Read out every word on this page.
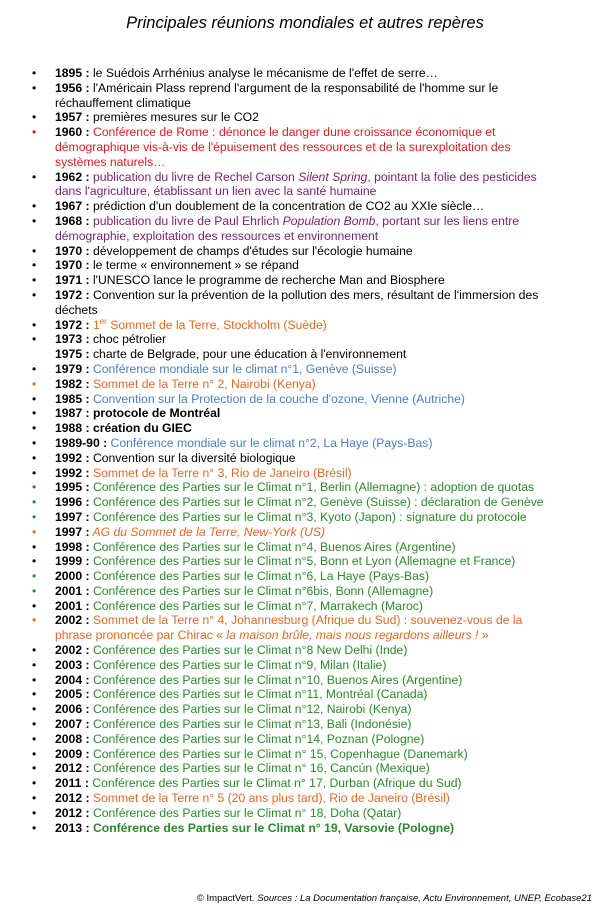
Principales réunions mondiales et autres repères
• 1895 : le Suédois Arrhénius analyse le mécanisme de l'effet de serre…
• 1956 : l'Américain Plass reprend l'argument de la responsabilité de l'homme sur le réchauffement climatique
• 1957 : premières mesures sur le CO2
• 1960 : Conférence de Rome : dénonce le danger dune croissance économique et démographique vis-à-vis de l'épuisement des ressources et de la surexploitation des systèmes naturels…
• 1962 : publication du livre de Rechel Carson Silent Spring, pointant la folie des pesticides dans l'agriculture, établissant un lien avec la santé humaine
• 1967 : prédiction d'un doublement de la concentration de CO2 au XXIe siècle…
• 1968 : publication du livre de Paul Ehrlich Population Bomb, portant sur les liens entre démographie, exploitation des ressources et environnement
• 1970 : développement de champs d'études sur l'écologie humaine
• 1970 : le terme « environnement » se répand
• 1971 : l'UNESCO lance le programme de recherche Man and Biosphere
• 1972 : Convention sur la prévention de la pollution des mers, résultant de l'immersion des déchets
• 1972 : 1er Sommet de la Terre, Stockholm (Suède)
• 1973 : choc pétrolier
1975 : charte de Belgrade, pour une éducation à l'environnement
• 1979 : Conférence mondiale sur le climat n°1, Genève (Suisse)
• 1982 : Sommet de la Terre n° 2, Nairobi (Kenya)
• 1985 : Convention sur la Protection de la couche d'ozone, Vienne (Autriche)
• 1987 : protocole de Montréal
• 1988 : création du GIEC
• 1989-90 : Conférence mondiale sur le climat n°2, La Haye (Pays-Bas)
• 1992 : Convention sur la diversité biologique
• 1992 : Sommet de la Terre n° 3, Rio de Janeiro (Brésil)
• 1995 : Conférence des Parties sur le Climat n°1, Berlin (Allemagne) : adoption de quotas
• 1996 : Conférence des Parties sur le Climat n°2, Genève (Suisse) : déclaration de Genève
• 1997 : Conférence des Parties sur le Climat n°3, Kyoto (Japon) : signature du protocole
• 1997 : AG du Sommet de la Terre, New-York (US)
• 1998 : Conférence des Parties sur le Climat n°4, Buenos Aires (Argentine)
• 1999 : Conférence des Parties sur le Climat n°5, Bonn et Lyon (Allemagne et France)
• 2000 : Conférence des Parties sur le Climat n°6, La Haye (Pays-Bas)
• 2001 : Conférence des Parties sur le Climat n°6bis, Bonn (Allemagne)
• 2001 : Conférence des Parties sur le Climat n°7, Marrakech (Maroc)
• 2002 : Sommet de la Terre n° 4, Johannesburg (Afrique du Sud) : souvenez-vous de la phrase prononcée par Chirac « la maison brûle, mais nous regardons ailleurs ! »
• 2002 : Conférence des Parties sur le Climat n°8 New Delhi (Inde)
• 2003 : Conférence des Parties sur le Climat n°9, Milan (Italie)
• 2004 : Conférence des Parties sur le Climat n°10, Buenos Aires (Argentine)
• 2005 : Conférence des Parties sur le Climat n°11, Montréal (Canada)
• 2006 : Conférence des Parties sur le Climat n°12, Nairobi (Kenya)
• 2007 : Conférence des Parties sur le Climat n°13, Bali (Indonésie)
• 2008 : Conférence des Parties sur le Climat n°14, Poznan (Pologne)
• 2009 : Conférence des Parties sur le Climat n° 15, Copenhague (Danemark)
• 2012 : Conférence des Parties sur le Climat n° 16, Cancún (Mexique)
• 2011 : Conférence des Parties sur le Climat n° 17, Durban (Afrique du Sud)
• 2012 : Sommet de la Terre n° 5 (20 ans plus tard), Rio de Janeiro (Brésil)
• 2012 : Conférence des Parties sur le Climat n° 18, Doha (Qatar)
• 2013 : Conférence des Parties sur le Climat n° 19, Varsovie (Pologne)
© ImpactVert. Sources : La Documentation française, Actu Environnement, UNEP, Ecobase21
